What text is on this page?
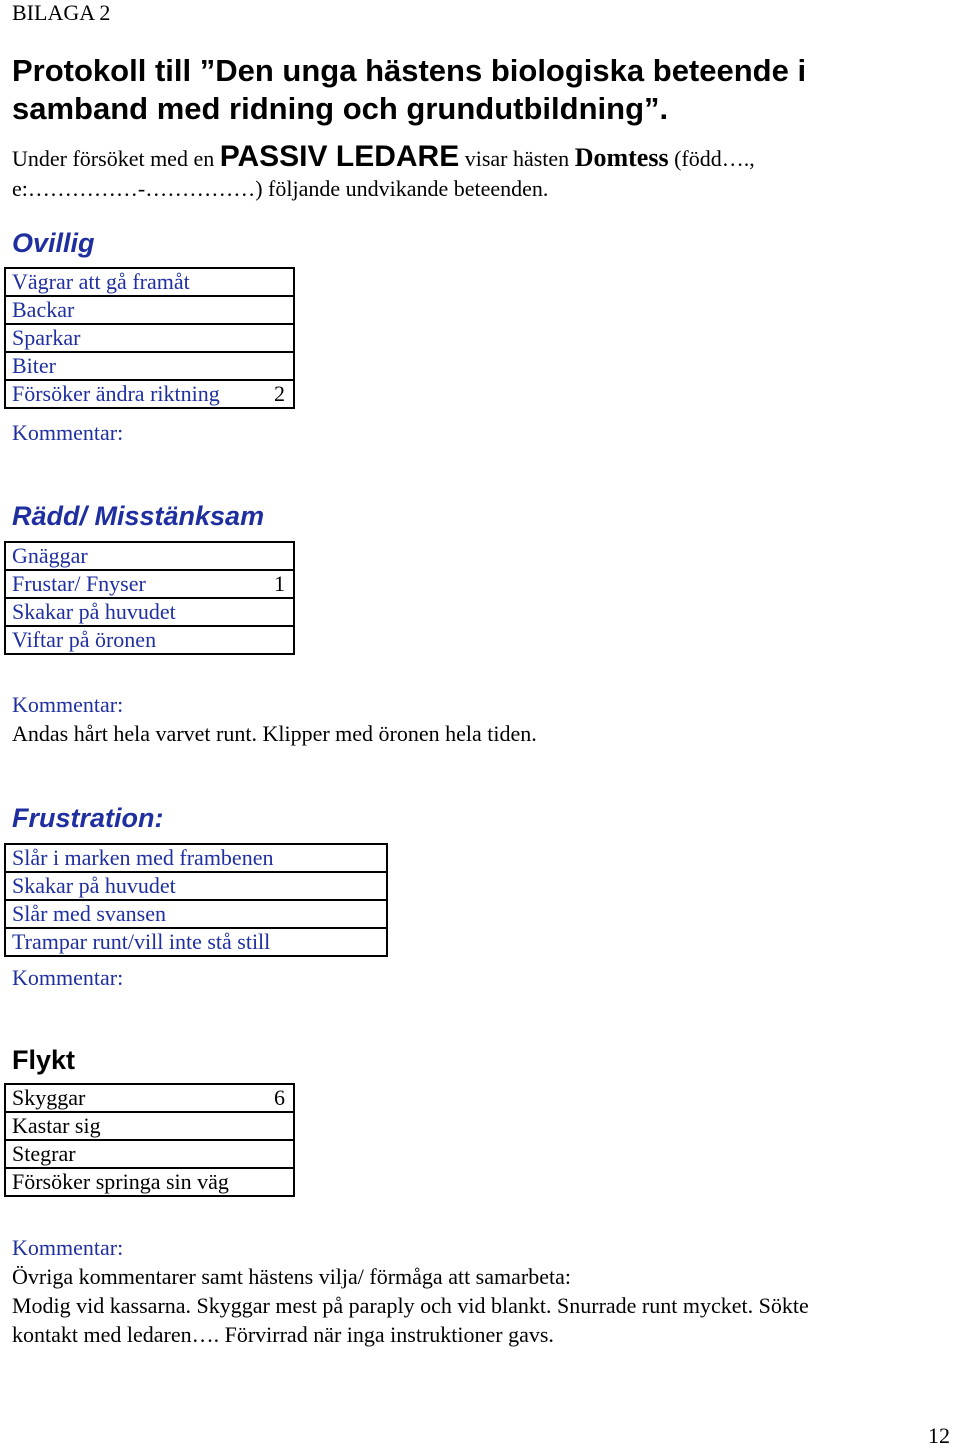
BILAGA 2
Protokoll till ”Den unga hästens biologiska beteende i
samband med ridning och grundutbildning”.
Under försöket med en PASSIV LEDARE visar hästen Domtess (född….,
e:……………-……………) följande undvikande beteenden.
Ovillig
Vägrar att gå framåt	
Backar	
Sparkar	
Biter	
Försöker ändra riktning	2
Kommentar:
Rädd/ Misstänksam
Gnäggar	
Frustar/ Fnyser	1
Skakar på huvudet	
Viftar på öronen	
Kommentar:
Andas hårt hela varvet runt. Klipper med öronen hela tiden.
Frustration:
Slår i marken med frambenen	
Skakar på huvudet	
Slår med svansen	
Trampar runt/vill inte stå still	
Kommentar:
Flykt
Skyggar	6
Kastar sig	
Stegrar	
Försöker springa sin väg	
Kommentar:
Övriga kommentarer samt hästens vilja/ förmåga att samarbeta:
Modig vid kassarna. Skyggar mest på paraply och vid blankt. Snurrade runt mycket. Sökte
kontakt med ledaren…. Förvirrad när inga instruktioner gavs.
12
